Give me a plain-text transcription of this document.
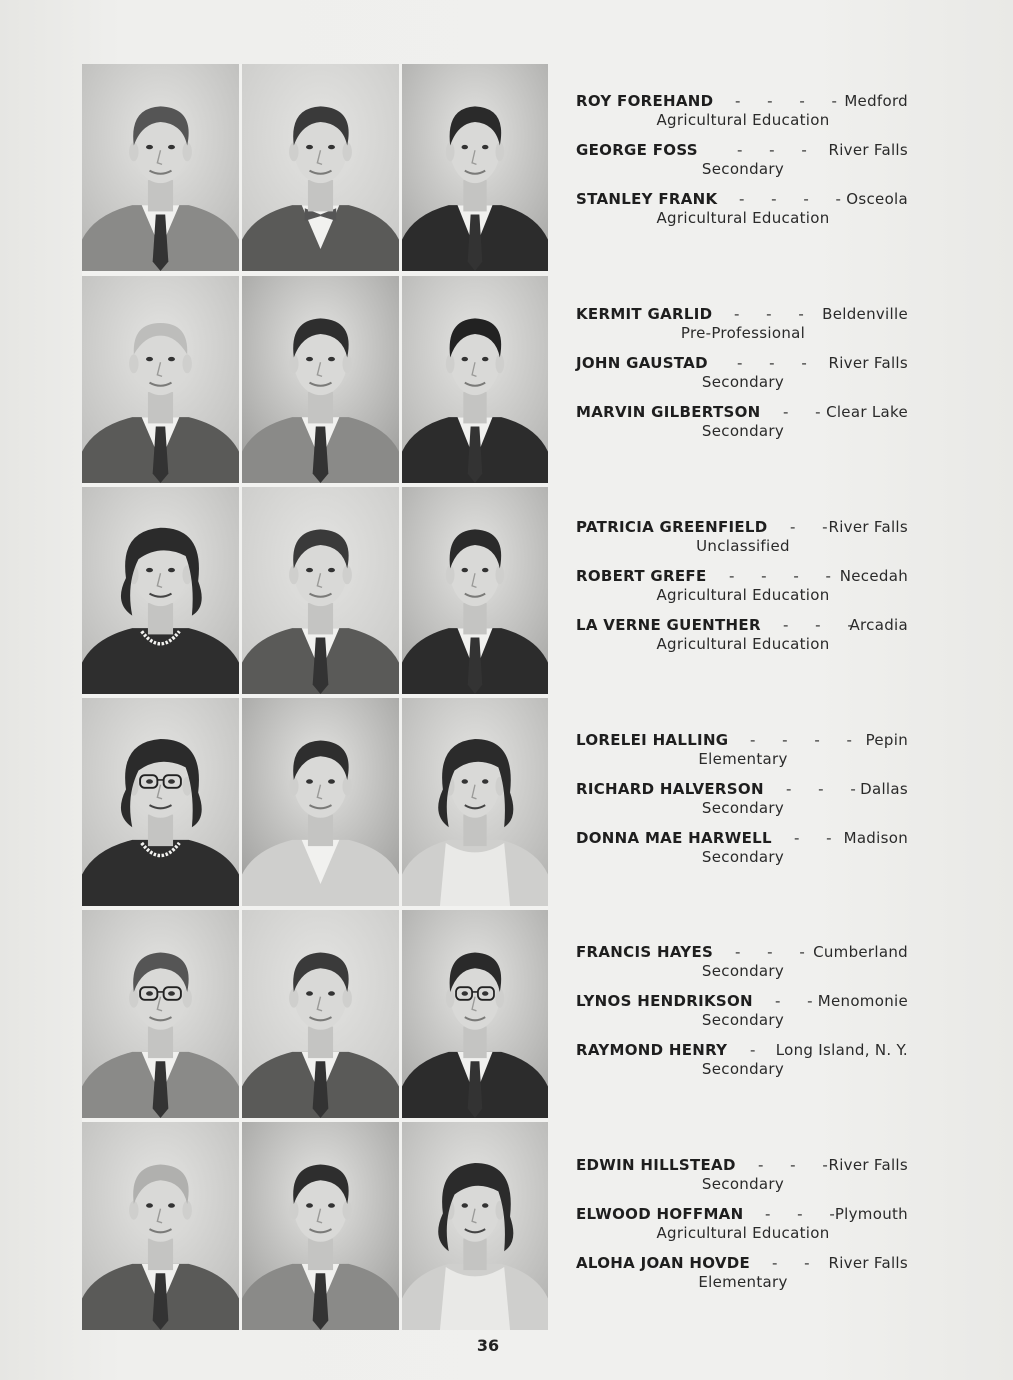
ROY FOREHAND - - - -
Medford
Agricultural Education
GEORGE FOSS	- - - River Falls
Secondary
STANLEY FRANK - - - -
Osceola
Agricultural Education
KERMIT GARLID - - - Beldenville
Pre-Professional
JOHN GAUSTAD - - - River Falls
Secondary
MARVIN GILBERTSON - -
Clear Lake
Secondary
PATRICIA GREENFIELD - -
River Falls
Unclassified
ROBERT GREFE - - - -
Necedah
Agricultural Education
LA VERNE GUENTHER - - -
Arcadia
Agricultural Education
LORELEI HALLING - - - - Pepin
Elementary
RICHARD HALVERSON - - -
Dallas
Secondary
DONNA MAE HARWELL - - Madison
Secondary
FRANCIS HAYES - - -
Cumberland
Secondary
LYNOS HENDRIKSON - -
Menomonie
Secondary
RAYMOND HENRY - Long Island, N. Y.
Secondary
EDWIN HILLSTEAD - - -
River Falls
Secondary
ELWOOD HOFFMAN - - -
Plymouth
Agricultural Education
ALOHA JOAN HOVDE - - River Falls
Elementary
36
